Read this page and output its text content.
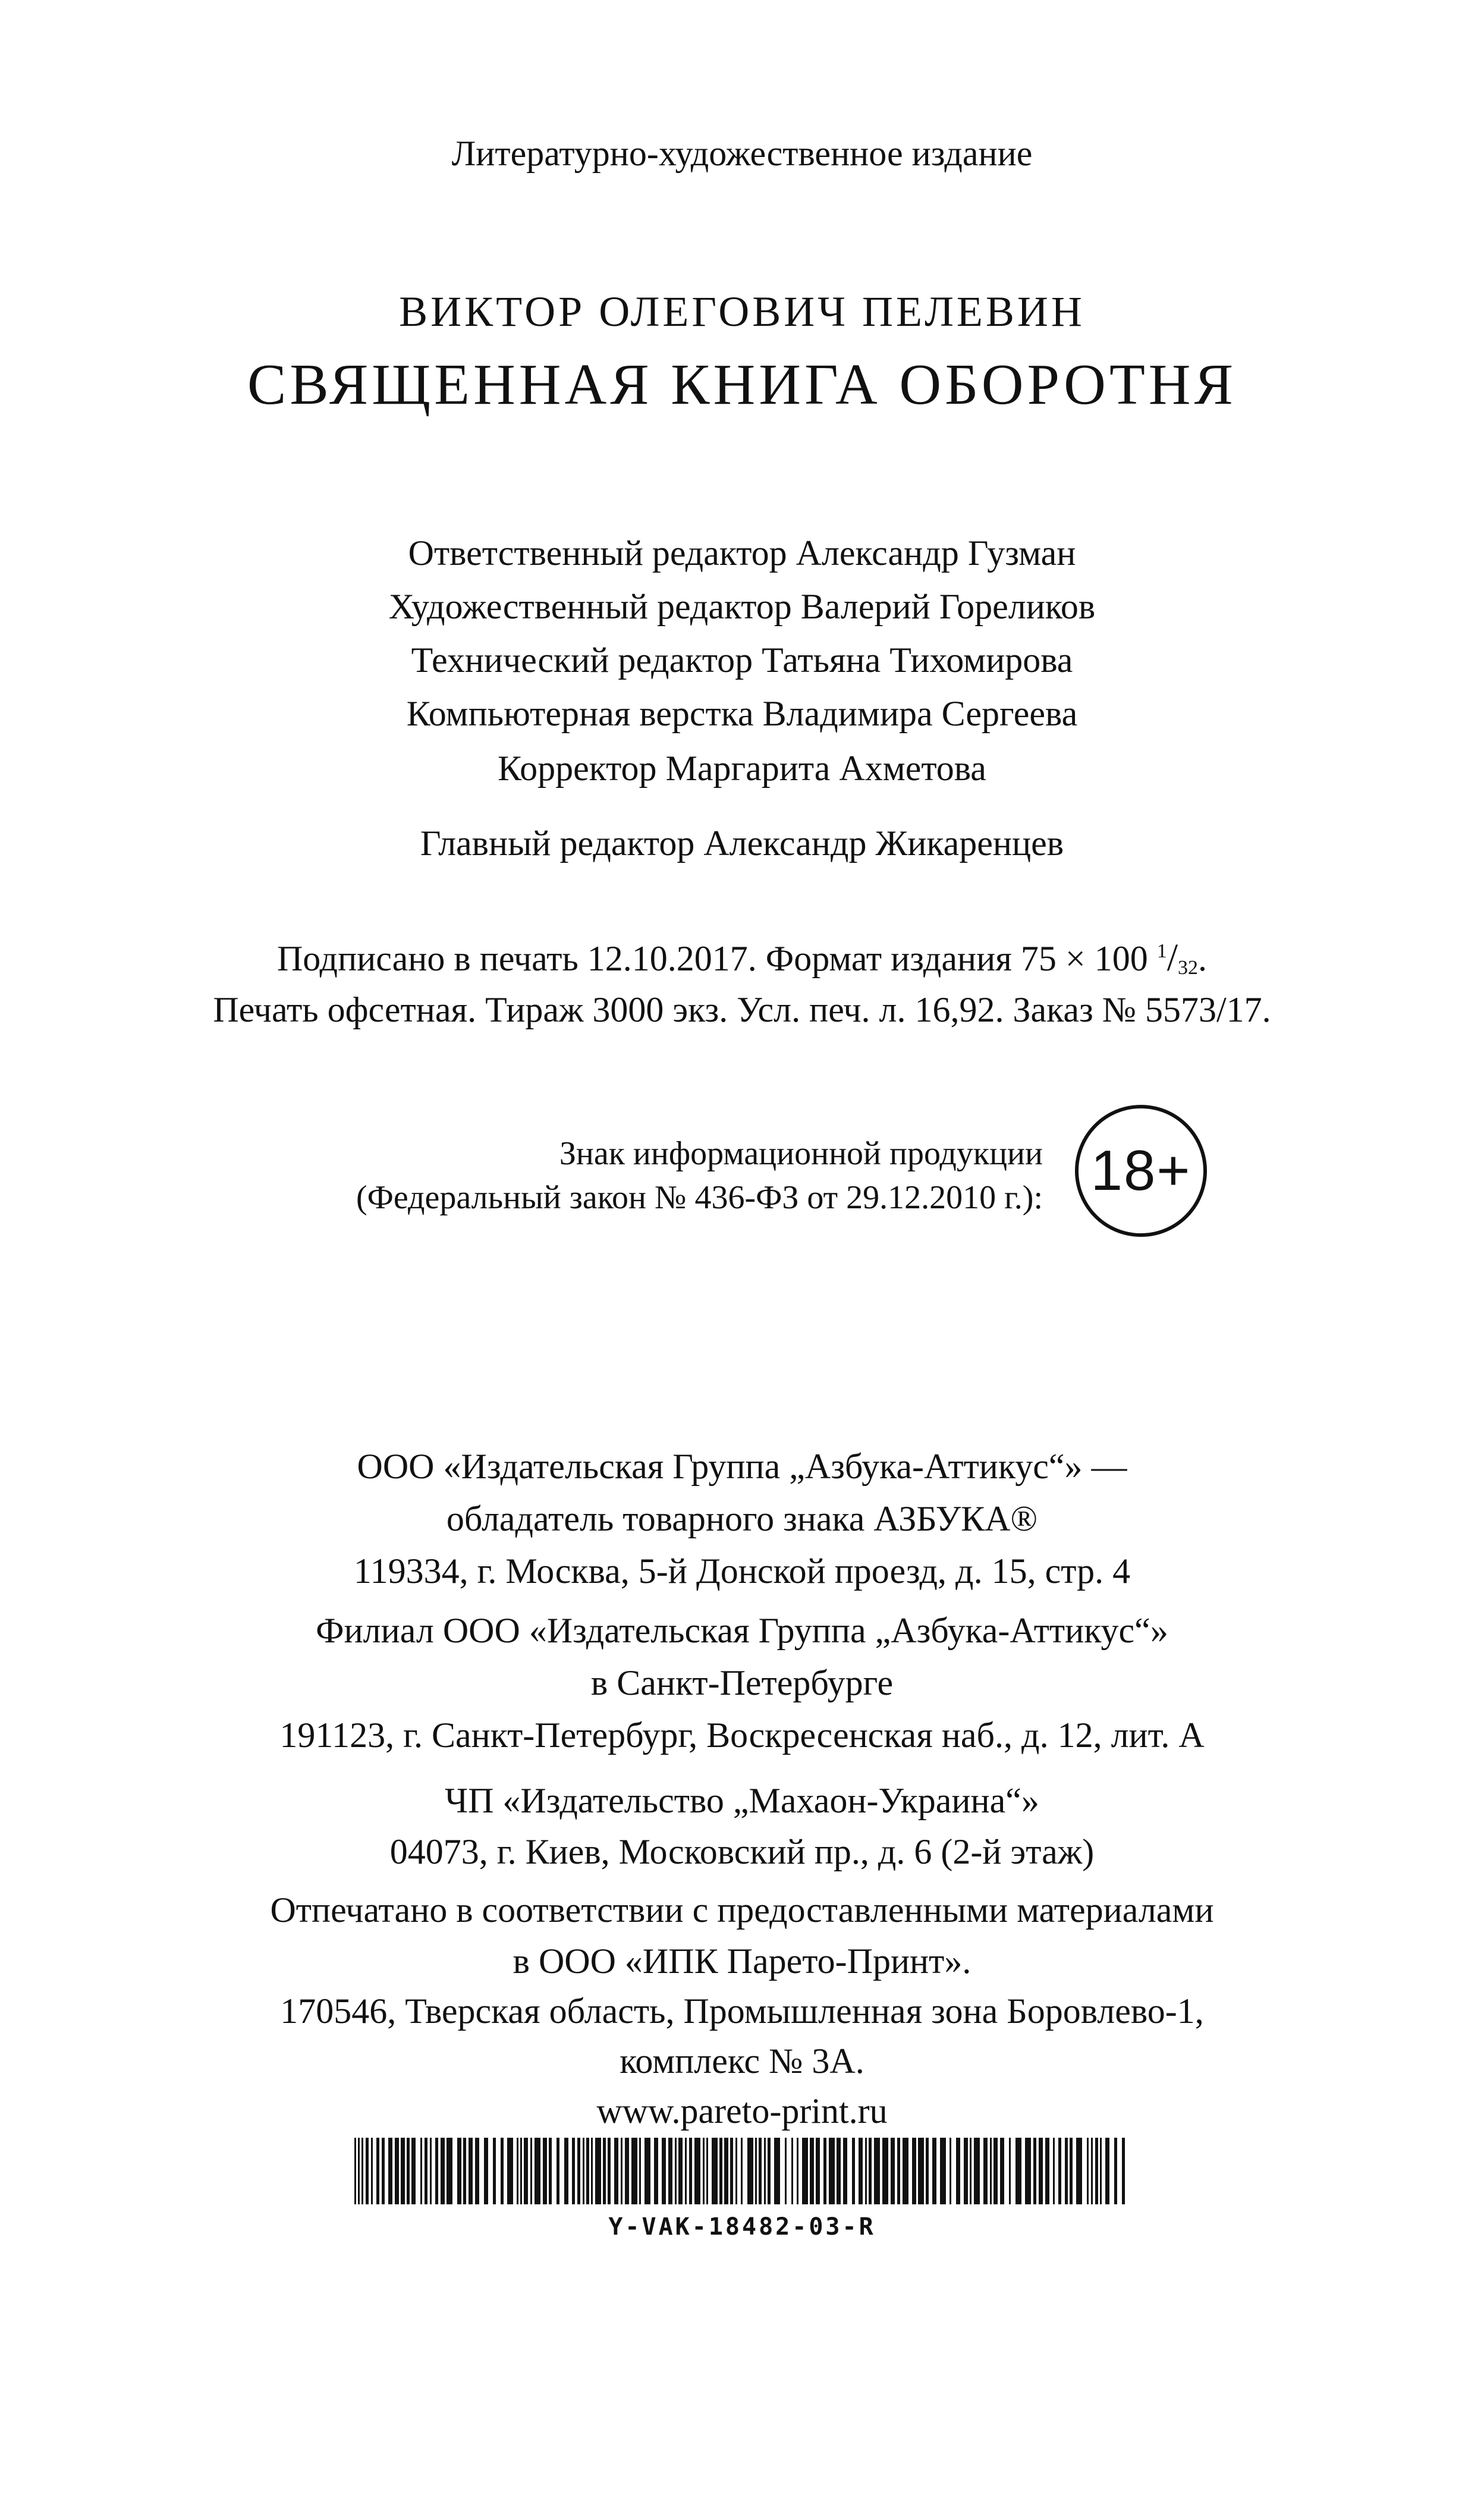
Литературно-художественное издание
ВИКТОР ОЛЕГОВИЧ ПЕЛЕВИН
СВЯЩЕННАЯ КНИГА ОБОРОТНЯ
Ответственный редактор Александр Гузман
Художественный редактор Валерий Гореликов
Технический редактор Татьяна Тихомирова
Компьютерная верстка Владимира Сергеева
Корректор Маргарита Ахметова
Главный редактор Александр Жикаренцев
Подписано в печать 12.10.2017. Формат издания 75 × 100 $^1/_{32}$.
Печать офсетная. Тираж 3000 экз. Усл. печ. л. 16,92. Заказ № 5573/17.
Знак информационной продукции
(Федеральный закон № 436-ФЗ от 29.12.2010 г.): 18+
ООО «Издательская Группа „Азбука-Аттикус“» —
обладатель товарного знака АЗБУКА®
119334, г. Москва, 5-й Донской проезд, д. 15, стр. 4
Филиал ООО «Издательская Группа „Азбука-Аттикус“»
в Санкт-Петербурге
191123, г. Санкт-Петербург, Воскресенская наб., д. 12, лит. А
ЧП «Издательство „Махаон-Украина“»
04073, г. Киев, Московский пр., д. 6 (2-й этаж)
Отпечатано в соответствии с предоставленными материалами
в ООО «ИПК Парето-Принт».
170546, Тверская область, Промышленная зона Боровлево-1,
комплекс № 3А.
Y-VAK-18482-03-R
www.pareto-print.ru
